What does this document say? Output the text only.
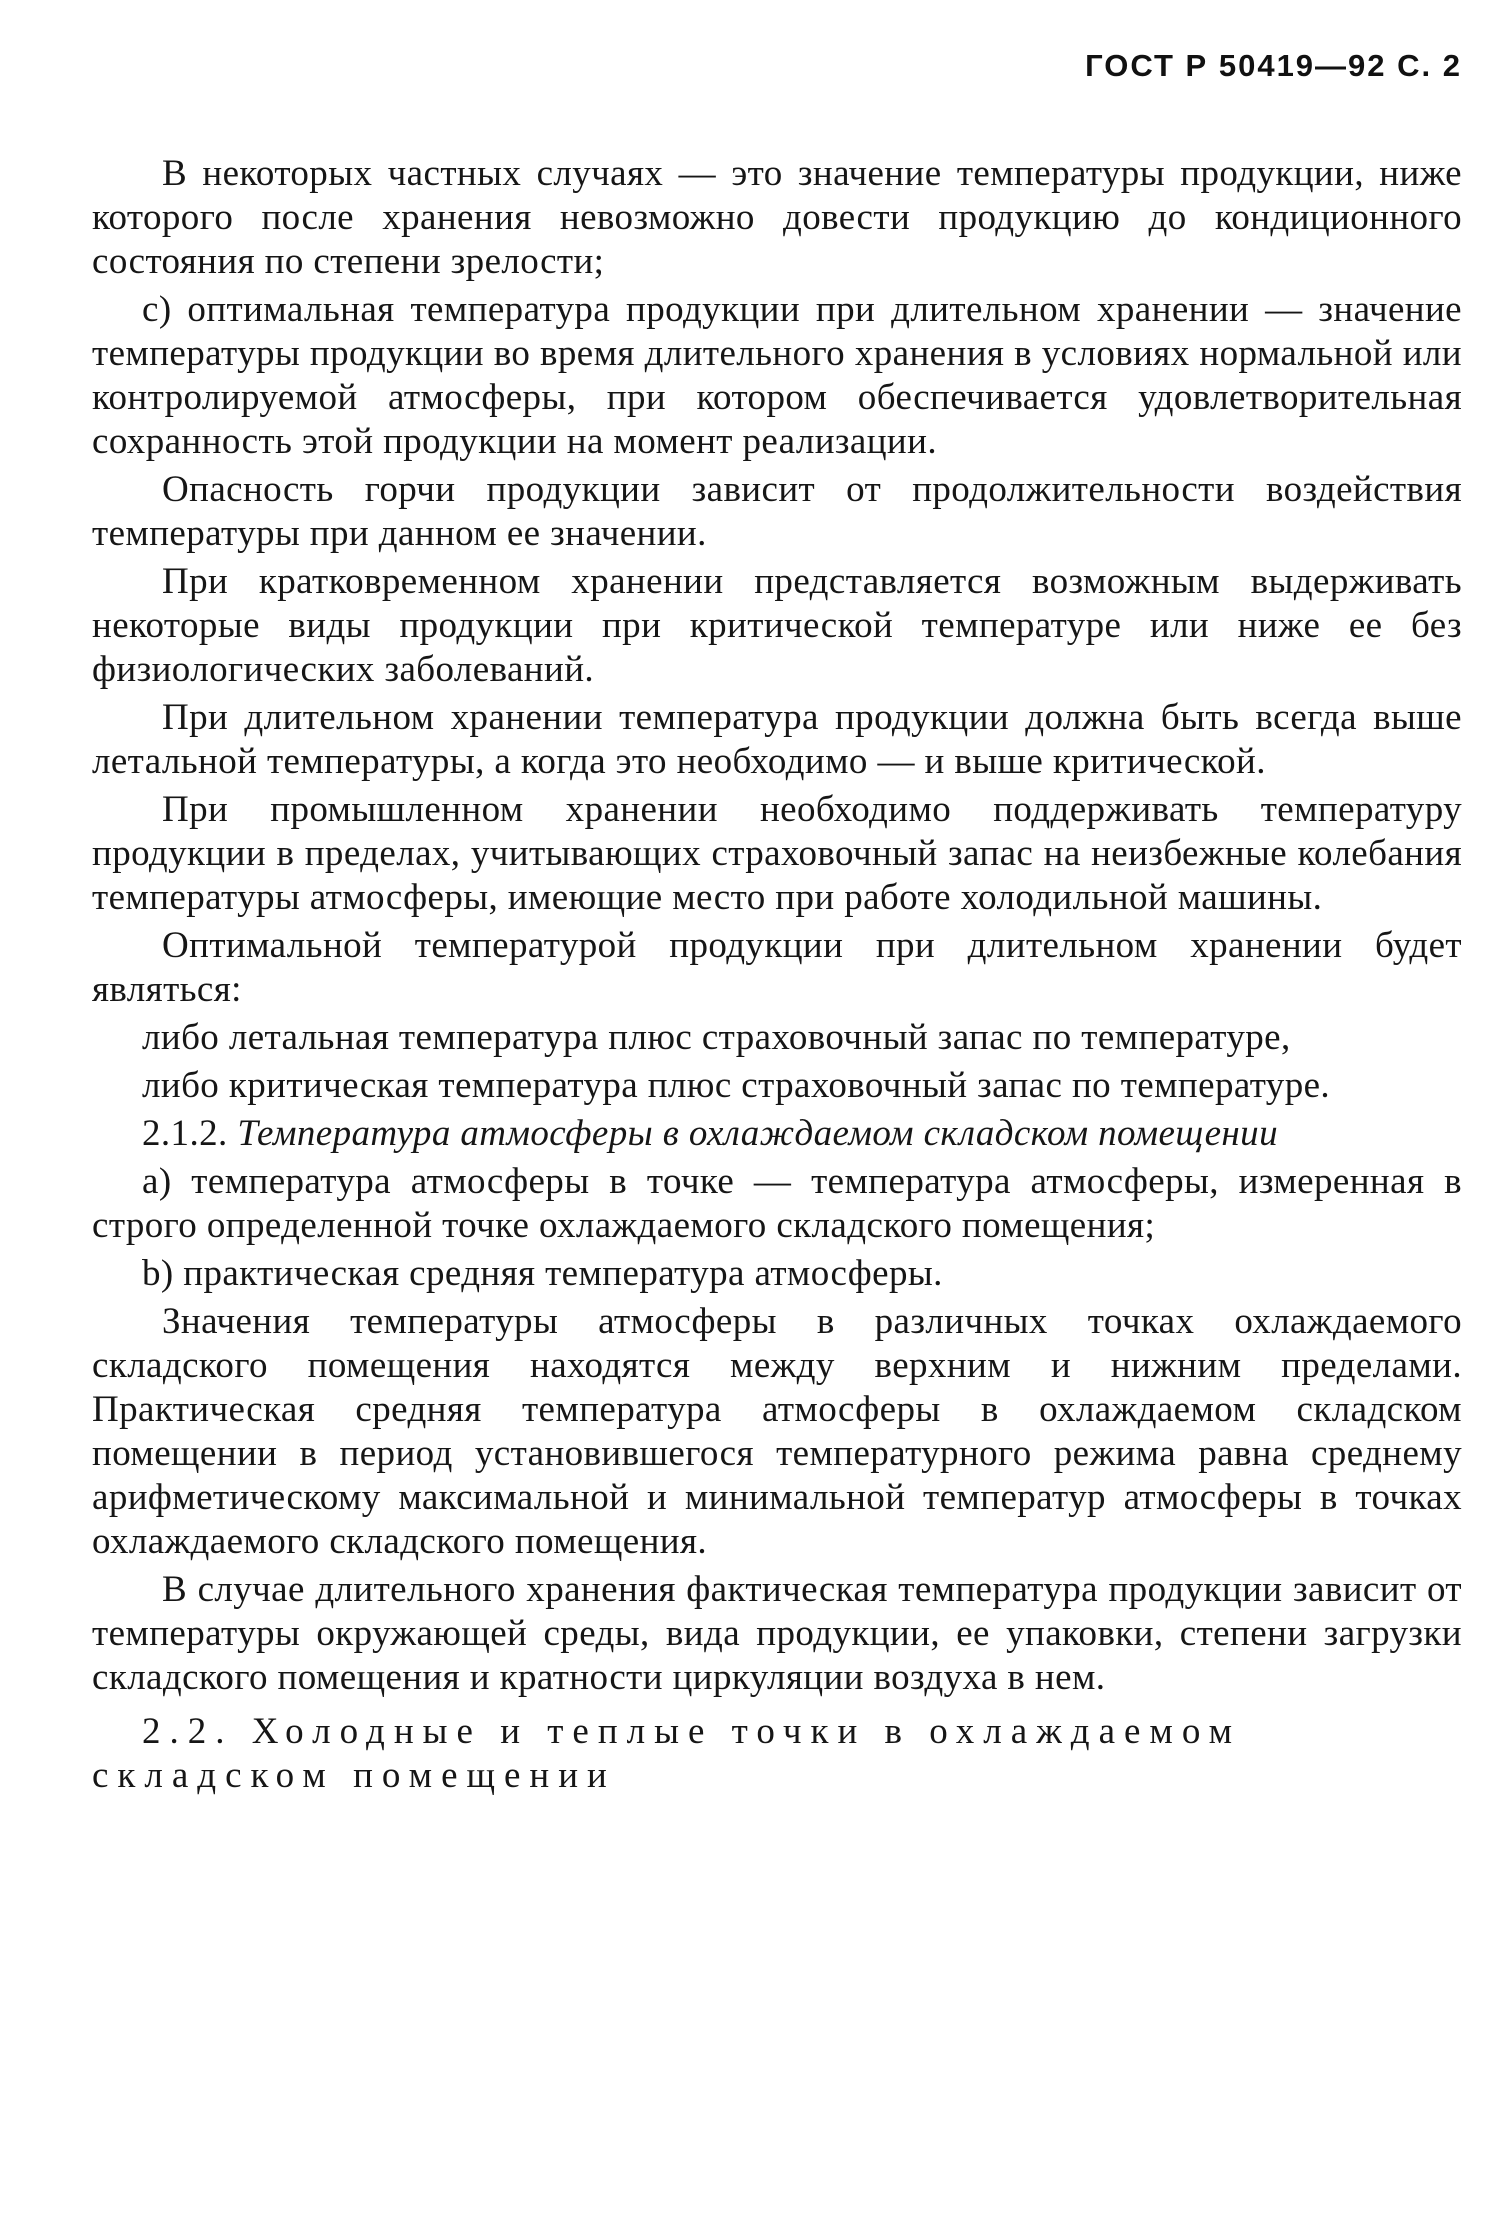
ГОСТ Р 50419—92 С. 2

В некоторых частных случаях — это значение температуры продукции, ниже которого после хранения невозможно довести продукцию до кондиционного состояния по степени зрелости;

с) оптимальная температура продукции при длительном хранении — значение температуры продукции во время длительного хранения в условиях нормальной или контролируемой атмосферы, при котором обеспечивается удовлетворительная сохранность этой продукции на момент реализации.

Опасность горчи продукции зависит от продолжительности воздействия температуры при данном ее значении.

При кратковременном хранении представляется возможным выдерживать некоторые виды продукции при критической температуре или ниже ее без физиологических заболеваний.

При длительном хранении температура продукции должна быть всегда выше летальной температуры, а когда это необходимо — и выше критической.

При промышленном хранении необходимо поддерживать температуру продукции в пределах, учитывающих страховочный запас на неизбежные колебания температуры атмосферы, имеющие место при работе холодильной машины.

Оптимальной температурой продукции при длительном хранении будет являться:

либо летальная температура плюс страховочный запас по температуре,

либо критическая температура плюс страховочный запас по температуре.

2.1.2. Температура атмосферы в охлаждаемом складском помещении

а) температура атмосферы в точке — температура атмосферы, измеренная в строго определенной точке охлаждаемого складского помещения;

b) практическая средняя температура атмосферы.

Значения температуры атмосферы в различных точках охлаждаемого складского помещения находятся между верхним и нижним пределами. Практическая средняя температура атмосферы в охлаждаемом складском помещении в период установившегося температурного режима равна среднему арифметическому максимальной и минимальной температур атмосферы в точках охлаждаемого складского помещения.

В случае длительного хранения фактическая температура продукции зависит от температуры окружающей среды, вида продукции, ее упаковки, степени загрузки складского помещения и кратности циркуляции воздуха в нем.

2.2. Холодные и теплые точки в охлаждаемом складском помещении
